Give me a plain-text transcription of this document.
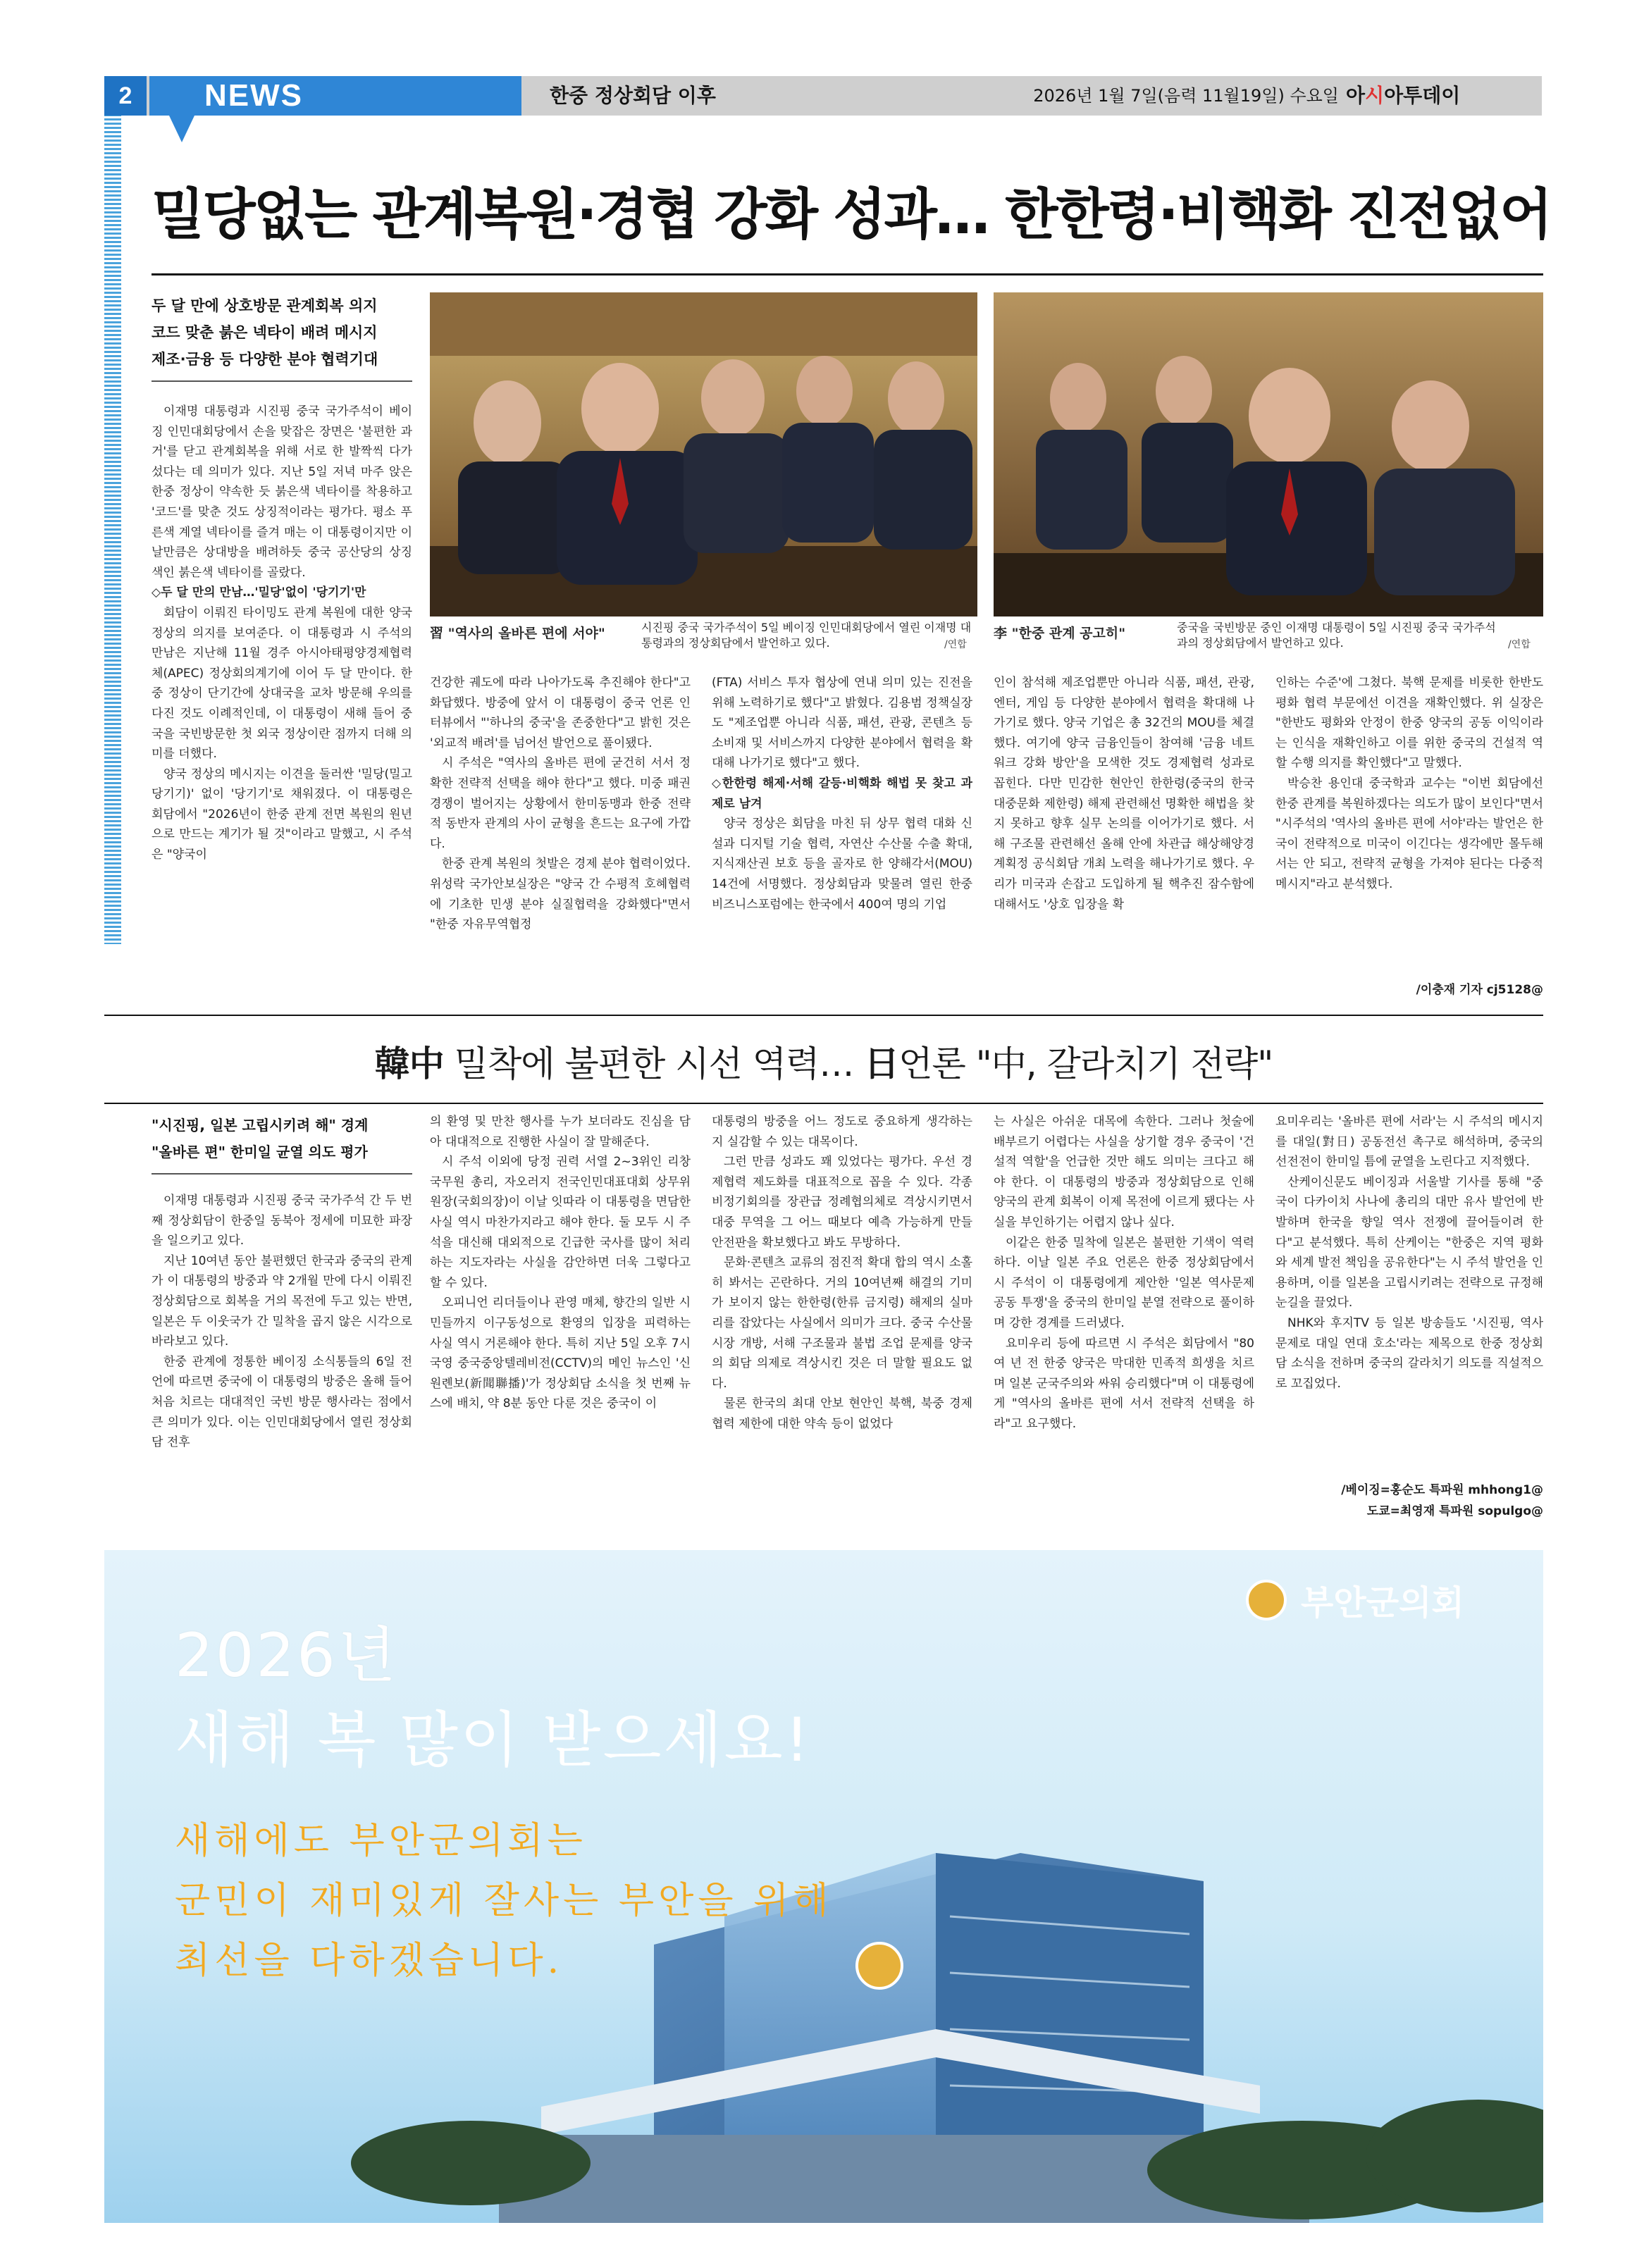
2	NEWS	한중 정상회담 이후	2026년 1월 7일(음력 11월19일) 수요일 아시아투데이
밀당없는 관계복원·경협 강화 성과… 한한령·비핵화 진전없어
두 달 만에 상호방문 관계회복 의지
코드 맞춘 붉은 넥타이 배려 메시지
제조·금융 등 다양한 분야 협력기대

이재명 대통령과 시진핑 중국 국가주석이 베이징 인민대회당에서 손을 맞잡은 장면은 '불편한 과거'를 닫고 관계회복을 위해 서로 한 발짝씩 다가섰다는 데 의미가 있다. 지난 5일 저녁 마주 앉은 한중 정상이 약속한 듯 붉은색 넥타이를 착용하고 '코드'를 맞춘 것도 상징적이라는 평가다. 평소 푸른색 계열 넥타이를 즐겨 매는 이 대통령이지만 이날만큼은 상대방을 배려하듯 중국 공산당의 상징색인 붉은색 넥타이를 골랐다.

◇두 달 만의 만남…'밀당'없이 '당기기'만

회담이 이뤄진 타이밍도 관계 복원에 대한 양국 정상의 의지를 보여준다. 이 대통령과 시 주석의 만남은 지난해 11월 경주 아시아태평양경제협력체(APEC) 정상회의계기에 이어 두 달 만이다. 한중 정상이 단기간에 상대국을 교차 방문해 우의를 다진 것도 이례적인데, 이 대통령이 새해 들어 중국을 국빈방문한 첫 외국 정상이란 점까지 더해 의미를 더했다.

양국 정상의 메시지는 이견을 둘러싼 '밀당(밀고 당기기)' 없이 '당기기'로 채워졌다. 이 대통령은 회담에서 "2026년이 한중 관계 전면 복원의 원년으로 만드는 계기가 될 것"이라고 말했고, 시 주석은 "양국이

習 "역사의 올바른 편에 서야"	시진핑 중국 국가주석이 5일 베이징 인민대회당에서 열린 이재명 대통령과의 정상회담에서 발언하고 있다.	/연합
李 "한중 관계 공고히"	중국을 국빈방문 중인 이재명 대통령이 5일 시진핑 중국 국가주석과의 정상회담에서 발언하고 있다.	/연합

건강한 궤도에 따라 나아가도록 추진해야 한다"고 화답했다. 방중에 앞서 이 대통령이 중국 언론 인터뷰에서 "'하나의 중국'을 존중한다"고 밝힌 것은 '외교적 배려'를 넘어선 발언으로 풀이됐다.

시 주석은 "역사의 올바른 편에 굳건히 서서 정확한 전략적 선택을 해야 한다"고 했다. 미중 패권경쟁이 벌어지는 상황에서 한미동맹과 한중 전략적 동반자 관계의 사이 균형을 흔드는 요구에 가깝다.

한중 관계 복원의 첫발은 경제 분야 협력이었다. 위성락 국가안보실장은 "양국 간 수평적 호혜협력에 기초한 민생 분야 실질협력을 강화했다"면서 "한중 자유무역협정

(FTA) 서비스 투자 협상에 연내 의미 있는 진전을 위해 노력하기로 했다"고 밝혔다. 김용범 정책실장도 "제조업뿐 아니라 식품, 패션, 관광, 콘텐츠 등 소비재 및 서비스까지 다양한 분야에서 협력을 확대해 나가기로 했다"고 했다.

◇한한령 해제·서해 갈등·비핵화 해법 못 찾고 과제로 남겨

양국 정상은 회담을 마친 뒤 상무 협력 대화 신설과 디지털 기술 협력, 자연산 수산물 수출 확대, 지식재산권 보호 등을 골자로 한 양해각서(MOU) 14건에 서명했다. 정상회담과 맞물려 열린 한중 비즈니스포럼에는 한국에서 400여 명의 기업

인이 참석해 제조업뿐만 아니라 식품, 패션, 관광, 엔터, 게임 등 다양한 분야에서 협력을 확대해 나가기로 했다. 양국 기업은 총 32건의 MOU를 체결했다. 여기에 양국 금융인들이 참여해 '금융 네트워크 강화 방안'을 모색한 것도 경제협력 성과로 꼽힌다. 다만 민감한 현안인 한한령(중국의 한국 대중문화 제한령) 해제 관련해선 명확한 해법을 찾지 못하고 향후 실무 논의를 이어가기로 했다. 서해 구조물 관련해선 올해 안에 차관급 해상해양경계획정 공식회담 개최 노력을 해나가기로 했다. 우리가 미국과 손잡고 도입하게 될 핵추진 잠수함에 대해서도 '상호 입장을 확

인하는 수준'에 그쳤다. 북핵 문제를 비롯한 한반도 평화 협력 부문에선 이견을 재확인했다. 위 실장은 "한반도 평화와 안정이 한중 양국의 공동 이익이라는 인식을 재확인하고 이를 위한 중국의 건설적 역할 수행 의지를 확인했다"고 말했다.

박승찬 용인대 중국학과 교수는 "이번 회담에선 한중 관계를 복원하겠다는 의도가 많이 보인다"면서 "시주석의 '역사의 올바른 편에 서야'라는 발언은 한국이 전략적으로 미국이 이긴다는 생각에만 몰두해서는 안 되고, 전략적 균형을 가져야 된다는 다중적 메시지"라고 분석했다.

/이충재 기자 cj5128@
韓中 밀착에 불편한 시선 역력… 日언론 "中, 갈라치기 전략"
"시진핑, 일본 고립시키려 해" 경계
"올바른 편" 한미일 균열 의도 평가

이재명 대통령과 시진핑 중국 국가주석 간 두 번째 정상회담이 한중일 동북아 정세에 미묘한 파장을 일으키고 있다.

지난 10여년 동안 불편했던 한국과 중국의 관계가 이 대통령의 방중과 약 2개월 만에 다시 이뤄진 정상회담으로 회복을 거의 목전에 두고 있는 반면, 일본은 두 이웃국가 간 밀착을 곱지 않은 시각으로 바라보고 있다.

한중 관계에 정통한 베이징 소식통들의 6일 전언에 따르면 중국에 이 대통령의 방중은 올해 들어 처음 치르는 대대적인 국빈 방문 행사라는 점에서 큰 의미가 있다. 이는 인민대회당에서 열린 정상회담 전후

의 환영 및 만찬 행사를 누가 보더라도 진심을 담아 대대적으로 진행한 사실이 잘 말해준다.

시 주석 이외에 당정 권력 서열 2~3위인 리창 국무원 총리, 자오러지 전국인민대표대회 상무위원장(국회의장)이 이날 잇따라 이 대통령을 면담한 사실 역시 마찬가지라고 해야 한다. 둘 모두 시 주석을 대신해 대외적으로 긴급한 국사를 많이 처리하는 지도자라는 사실을 감안하면 더욱 그렇다고 할 수 있다.

오피니언 리더들이나 관영 매체, 향간의 일반 시민들까지 이구동성으로 환영의 입장을 피력하는 사실 역시 거론해야 한다. 특히 지난 5일 오후 7시 국영 중국중앙텔레비전(CCTV)의 메인 뉴스인 '신원롄보(新聞聯播)'가 정상회담 소식을 첫 번째 뉴스에 배치, 약 8분 동안 다룬 것은 중국이 이

대통령의 방중을 어느 정도로 중요하게 생각하는지 실감할 수 있는 대목이다.

그런 만큼 성과도 꽤 있었다는 평가다. 우선 경제협력 제도화를 대표적으로 꼽을 수 있다. 각종 비정기회의를 장관급 정례협의체로 격상시키면서 대중 무역을 그 어느 때보다 예측 가능하게 만들 안전판을 확보했다고 봐도 무방하다.

문화·콘텐츠 교류의 점진적 확대 합의 역시 소홀히 봐서는 곤란하다. 거의 10여년째 해결의 기미가 보이지 않는 한한령(한류 금지령) 해제의 실마리를 잡았다는 사실에서 의미가 크다. 중국 수산물 시장 개방, 서해 구조물과 불법 조업 문제를 양국의 회담 의제로 격상시킨 것은 더 말할 필요도 없다.

물론 한국의 최대 안보 현안인 북핵, 북중 경제 협력 제한에 대한 약속 등이 없었다

는 사실은 아쉬운 대목에 속한다. 그러나 첫술에 배부르기 어렵다는 사실을 상기할 경우 중국이 '건설적 역할'을 언급한 것만 해도 의미는 크다고 해야 한다. 이 대통령의 방중과 정상회담으로 인해 양국의 관계 회복이 이제 목전에 이르게 됐다는 사실을 부인하기는 어렵지 않나 싶다.

이같은 한중 밀착에 일본은 불편한 기색이 역력하다. 이날 일본 주요 언론은 한중 정상회담에서 시 주석이 이 대통령에게 제안한 '일본 역사문제 공동 투쟁'을 중국의 한미일 분열 전략으로 풀이하며 강한 경계를 드러냈다.

요미우리 등에 따르면 시 주석은 회담에서 "80여 년 전 한중 양국은 막대한 민족적 희생을 치르며 일본 군국주의와 싸워 승리했다"며 이 대통령에게 "역사의 올바른 편에 서서 전략적 선택을 하라"고 요구했다.

요미우리는 '올바른 편에 서라'는 시 주석의 메시지를 대일(對日) 공동전선 촉구로 해석하며, 중국의 선전전이 한미일 틈에 균열을 노린다고 지적했다.

산케이신문도 베이징과 서울발 기사를 통해 "중국이 다카이치 사나에 총리의 대만 유사 발언에 반발하며 한국을 향일 역사 전쟁에 끌어들이려 한다"고 분석했다. 특히 산케이는 "한중은 지역 평화와 세계 발전 책임을 공유한다"는 시 주석 발언을 인용하며, 이를 일본을 고립시키려는 전략으로 규정해 눈길을 끌었다.

NHK와 후지TV 등 일본 방송들도 '시진핑, 역사문제로 대일 연대 호소'라는 제목으로 한중 정상회담 소식을 전하며 중국의 갈라치기 의도를 직설적으로 꼬집었다.

/베이징=홍순도 특파원 mhhong1@
도쿄=최영재 특파원 sopulgo@
2026년
새해 복 많이 받으세요!
새해에도 부안군의회는
군민이 재미있게 잘사는 부안을 위해
최선을 다하겠습니다.
부안군의회
